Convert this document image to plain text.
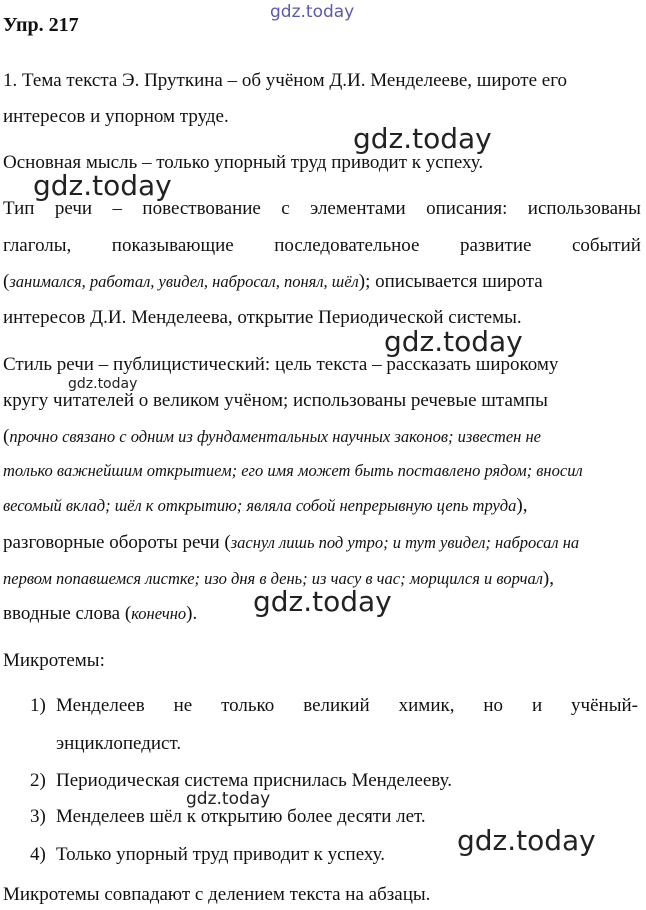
gdz.today
Упр. 217
1. Тема текста Э. Пруткина – об учёном Д.И. Менделееве, широте его
интересов и упорном труде.
gdz.today
Основная мысль – только упорный труд приводит к успеху.
gdz.today
Тип речи – повествование с элементами описания: использованы
глаголы, показывающие последовательное развитие событий
(занимался, работал, увидел, набросал, понял, шёл); описывается широта
интересов Д.И. Менделеева, открытие Периодической системы.
gdz.today
Стиль речи – публицистический: цель текста – рассказать широкому
gdz.today
кругу читателей о великом учёном; использованы речевые штампы
(прочно связано с одним из фундаментальных научных законов; известен не
только важнейшим открытием; его имя может быть поставлено рядом; вносил
весомый вклад; шёл к открытию; являла собой непрерывную цепь труда),
разговорные обороты речи (заснул лишь под утро; и тут увидел; набросал на
первом попавшемся листке; изо дня в день; из часу в час; морщился и ворчал),
gdz.today
вводные слова (конечно).
Микротемы:
1) Менделеев не только великий химик, но и учёный-
энциклопедист.
2) Периодическая система приснилась Менделееву.
gdz.today
3) Менделеев шёл к открытию более десяти лет.
gdz.today
4) Только упорный труд приводит к успеху.
Микротемы совпадают с делением текста на абзацы.
